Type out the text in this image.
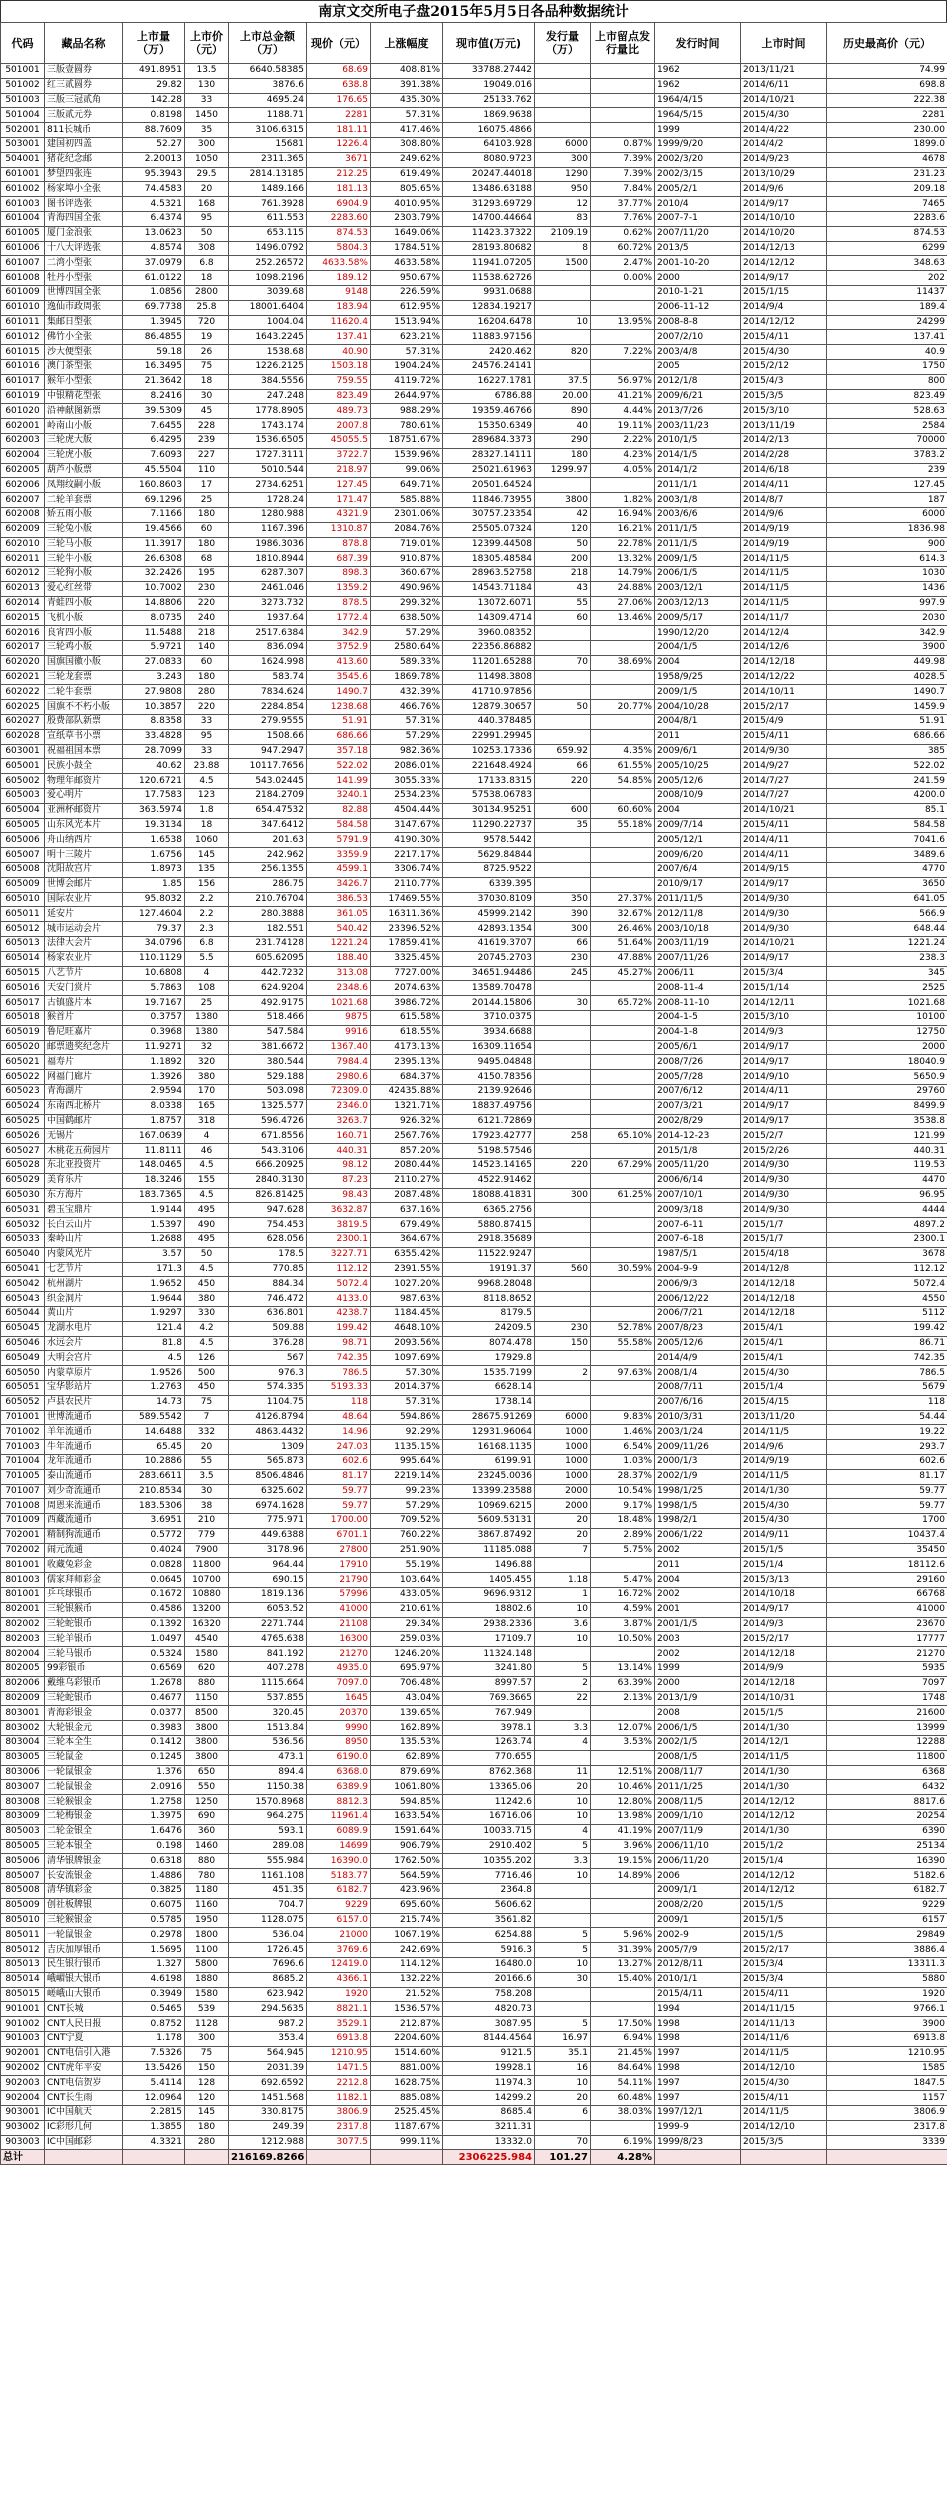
南京文交所电子盘2015年5月5日各品种数据统计
代码	藏品名称	上市量（万）	上市价（元）	上市总金额（万）	现价（元）	上涨幅度	现市值(万元)	发行量（万）	上市留点发行量比	发行时间	上市时间	历史最高价（元）
501001	三版壹圆券	491.8951	13.5	6640.58385	68.69	408.81%	33788.27442			1962	2013/11/21	74.99
501002	红三贰圆券	29.82	130	3876.6	638.8	391.38%	19049.016			1962	2014/6/11	698.8
501003	三版三冠贰角	142.28	33	4695.24	176.65	435.30%	25133.762			1964/4/15	2014/10/21	222.38
501004	三版贰元券	0.8198	1450	1188.71	2281	57.31%	1869.9638			1964/5/15	2015/4/30	2281
502001	811长城币	88.7609	35	3106.6315	181.11	417.46%	16075.4866			1999	2014/4/22	230.00
503001	建国初四盖	52.27	300	15681	1226.4	308.80%	64103.928	6000	0.87%	1999/9/20	2014/4/2	1899.0
504001	猪花纪念邮	2.20013	1050	2311.365	3671	249.62%	8080.9723	300	7.39%	2002/3/20	2014/9/23	4678
601001	梦望四张连	95.3943	29.5	2814.13185	212.25	619.49%	20247.44018	1290	7.39%	2002/3/15	2013/10/29	231.23
601002	杨家埠小全张	74.4583	20	1489.166	181.13	805.65%	13486.63188	950	7.84%	2005/2/1	2014/9/6	209.18
601003	图书评选张	4.5321	168	761.3928	6904.9	4010.95%	31293.69729	12	37.77%	2010/4	2014/9/17	7465
601004	青海四国全张	6.4374	95	611.553	2283.60	2303.79%	14700.44664	83	7.76%	2007-7-1	2014/10/10	2283.6
601005	厦门金浪张	13.0623	50	653.115	874.53	1649.06%	11423.37322	2109.19	0.62%	2007/11/20	2014/10/20	874.53
601006	十八大评选张	4.8574	308	1496.0792	5804.3	1784.51%	28193.80682	8	60.72%	2013/5	2014/12/13	6299
601007	二湾小型张	37.0979	6.8	252.26572	4633.58%	4633.58%	11941.07205	1500	2.47%	2001-10-20	2014/12/12	348.63
601008	牡丹小型张	61.0122	18	1098.2196	189.12	950.67%	11538.62726		0.00%	2000	2014/9/17	202
601009	世博四国全张	1.0856	2800	3039.68	9148	226.59%	9931.0688			2010-1-21	2015/1/15	11437
601010	逸仙市政周张	69.7738	25.8	18001.6404	183.94	612.95%	12834.19217			2006-11-12	2014/9/4	189.4
601011	集邮日型张	1.3945	720	1004.04	11620.4	1513.94%	16204.6478	10	13.95%	2008-8-8	2014/12/12	24299
601012	佛竹小全张	86.4855	19	1643.2245	137.41	623.21%	11883.97156			2007/2/10	2015/4/11	137.41
601015	沙大便型张	59.18	26	1538.68	40.90	57.31%	2420.462	820	7.22%	2003/4/8	2015/4/30	40.9
601016	澳门茶型张	16.3495	75	1226.2125	1503.18	1904.24%	24576.24141			2005	2015/2/12	1750
601017	猴年小型张	21.3642	18	384.5556	759.55	4119.72%	16227.1781	37.5	56.97%	2012/1/8	2015/4/3	800
601019	中银精花型张	8.2416	30	247.248	823.49	2644.97%	6786.88	20.00	41.21%	2009/6/21	2015/3/5	823.49
601020	沿神献图新票	39.5309	45	1778.8905	489.73	988.29%	19359.46766	890	4.44%	2013/7/26	2015/3/10	528.63
602001	岭南山小版	7.6455	228	1743.174	2007.8	780.61%	15350.6349	40	19.11%	2003/11/23	2013/11/19	2584
602003	三轮虎大版	6.4295	239	1536.6505	45055.5	18751.67%	289684.3373	290	2.22%	2010/1/5	2014/2/13	70000
602004	三轮虎小版	7.6093	227	1727.3111	3722.7	1539.96%	28327.14111	180	4.23%	2014/1/5	2014/2/28	3783.2
602005	葫芦小版票	45.5504	110	5010.544	218.97	99.06%	25021.61963	1299.97	4.05%	2014/1/2	2014/6/18	239
602006	凤翔纹嗣小版	160.8603	17	2734.6251	127.45	649.71%	20501.64524			2011/1/1	2014/4/11	127.45
602007	二轮羊套票	69.1296	25	1728.24	171.47	585.88%	11846.73955	3800	1.82%	2003/1/8	2014/8/7	187
602008	娇五雨小版	7.1166	180	1280.988	4321.9	2301.06%	30757.23354	42	16.94%	2003/6/6	2014/9/6	6000
602009	三轮兔小版	19.4566	60	1167.396	1310.87	2084.76%	25505.07324	120	16.21%	2011/1/5	2014/9/19	1836.98
602010	三轮马小版	11.3917	180	1986.3036	878.8	719.01%	12399.44508	50	22.78%	2011/1/5	2014/9/19	900
602011	三轮牛小版	26.6308	68	1810.8944	687.39	910.87%	18305.48584	200	13.32%	2009/1/5	2014/11/5	614.3
602012	三轮狗小版	32.2426	195	6287.307	898.3	360.67%	28963.52758	218	14.79%	2006/1/5	2014/11/5	1030
602013	爱心红丝带	10.7002	230	2461.046	1359.2	490.96%	14543.71184	43	24.88%	2003/12/1	2014/11/5	1436
602014	青蛙四小版	14.8806	220	3273.732	878.5	299.32%	13072.6071	55	27.06%	2003/12/13	2014/11/5	997.9
602015	飞机小版	8.0735	240	1937.64	1772.4	638.50%	14309.4714	60	13.46%	2009/5/17	2014/11/7	2030
602016	良宵四小版	11.5488	218	2517.6384	342.9	57.29%	3960.08352			1990/12/20	2014/12/4	342.9
602017	三轮鸡小版	5.9721	140	836.094	3752.9	2580.64%	22356.86882			2004/1/5	2014/12/6	3900
602020	国旗国徽小版	27.0833	60	1624.998	413.60	589.33%	11201.65288	70	38.69%	2004	2014/12/18	449.98
602021	三轮龙套票	3.243	180	583.74	3545.6	1869.78%	11498.3808			1958/9/25	2014/12/22	4028.5
602022	二轮牛套票	27.9808	280	7834.624	1490.7	432.39%	41710.97856			2009/1/5	2014/10/11	1490.7
602025	国旗不不朽小版	10.3857	220	2284.854	1238.68	466.76%	12879.30657	50	20.77%	2004/10/28	2015/2/17	1459.9
602027	殷费部队新票	8.8358	33	279.9555	51.91	57.31%	440.378485			2004/8/1	2015/4/9	51.91
602028	宣纸草书小票	33.4828	95	1508.66	686.66	57.29%	22991.29945			2011	2015/4/11	686.66
603001	祝福祖国本票	28.7099	33	947.2947	357.18	982.36%	10253.17336	659.92	4.35%	2009/6/1	2014/9/30	385
605001	民族小鼓全	40.62	23.88	10117.7656	522.02	2086.01%	221648.4924	66	61.55%	2005/10/25	2014/9/27	522.02
605002	物理年邮资片	120.6721	4.5	543.02445	141.99	3055.33%	17133.8315	220	54.85%	2005/12/6	2014/7/27	241.59
605003	爱心明片	17.7583	123	2184.2709	3240.1	2534.23%	57538.06783			2008/10/9	2014/7/27	4200.0
605004	亚洲杯邮资片	363.5974	1.8	654.47532	82.88	4504.44%	30134.95251	600	60.60%	2004	2014/10/21	85.1
605005	山东风光本片	19.3134	18	347.6412	584.58	3147.67%	11290.22737	35	55.18%	2009/7/14	2015/4/11	584.58
605006	舟山纳西片	1.6538	1060	201.63	5791.9	4190.30%	9578.5442			2005/12/1	2014/4/11	7041.6
605007	明十三陵片	1.6756	145	242.962	3359.9	2217.17%	5629.84844			2009/6/20	2014/4/11	3489.6
605008	沈阳故宫片	1.8973	135	256.1355	4599.1	3306.74%	8725.9522			2007/6/4	2014/9/15	4770
605009	世博会邮片	1.85	156	286.75	3426.7	2110.77%	6339.395			2010/9/17	2014/9/17	3650
605010	国际农业片	95.8032	2.2	210.76704	386.53	17469.55%	37030.8109	350	27.37%	2011/11/5	2014/9/30	641.05
605011	延安片	127.4604	2.2	280.3888	361.05	16311.36%	45999.2142	390	32.67%	2012/11/8	2014/9/30	566.9
605012	城市运动会片	79.37	2.3	182.551	540.42	23396.52%	42893.1354	300	26.46%	2003/10/18	2014/9/30	648.44
605013	法律大会片	34.0796	6.8	231.74128	1221.24	17859.41%	41619.3707	66	51.64%	2003/11/19	2014/10/21	1221.24
605014	杨家农业片	110.1129	5.5	605.62095	188.40	3325.45%	20745.2703	230	47.88%	2007/11/26	2014/9/17	238.3
605015	八艺节片	10.6808	4	442.7232	313.08	7727.00%	34651.94486	245	45.27%	2006/11	2015/3/4	345
605016	天安门赏片	5.7863	108	624.9204	2348.6	2074.63%	13589.70478			2008-11-4	2015/1/14	2525
605017	古镇盛片本	19.7167	25	492.9175	1021.68	3986.72%	20144.15806	30	65.72%	2008-11-10	2014/12/11	1021.68
605018	猴首片	0.3757	1380	518.466	9875	615.58%	3710.0375			2004-1-5	2015/3/10	10100
605019	鲁尼旺嘉片	0.3968	1380	547.584	9916	618.55%	3934.6688			2004-1-8	2014/9/3	12750
605020	邮票遗奖纪念片	11.9271	32	381.6672	1367.40	4173.13%	16309.11654			2005/6/1	2014/9/17	2000
605021	福寿片	1.1892	320	380.544	7984.4	2395.13%	9495.04848			2008/7/26	2014/9/17	18040.9
605022	网福门廊片	1.3926	380	529.188	2980.6	684.37%	4150.78356			2005/7/28	2014/9/10	5650.9
605023	青海湖片	2.9594	170	503.098	72309.0	42435.88%	2139.92646			2007/6/12	2014/4/11	29760
605024	东南西北桥片	8.0338	165	1325.577	2346.0	1321.71%	18837.49756			2007/3/21	2014/9/17	8499.9
605025	中国鹤邮片	1.8757	318	596.4726	3263.7	926.32%	6121.72869			2002/8/29	2014/9/17	3538.8
605026	无锡片	167.0639	4	671.8556	160.71	2567.76%	17923.42777	258	65.10%	2014-12-23	2015/2/7	121.99
605027	木桃花五荷园片	11.8111	46	543.3106	440.31	857.20%	5198.57546			2015/1/8	2015/2/26	440.31
605028	东北亚投资片	148.0465	4.5	666.20925	98.12	2080.44%	14523.14165	220	67.29%	2005/11/20	2014/9/30	119.53
605029	美育乐片	18.3246	155	2840.3130	87.23	2110.27%	4522.91462			2006/6/14	2014/9/30	4470
605030	东方海片	183.7365	4.5	826.81425	98.43	2087.48%	18088.41831	300	61.25%	2007/10/1	2014/9/30	96.95
605031	碧玉宝鼎片	1.9144	495	947.628	3632.87	637.16%	6365.2756			2009/3/18	2014/9/30	4444
605032	长白云山片	1.5397	490	754.453	3819.5	679.49%	5880.87415			2007-6-11	2015/1/7	4897.2
605033	秦岭山片	1.2688	495	628.056	2300.1	364.67%	2918.35689			2007-6-18	2015/1/7	2300.1
605040	内蒙风光片	3.57	50	178.5	3227.71	6355.42%	11522.9247			1987/5/1	2015/4/18	3678
605041	七艺节片	171.3	4.5	770.85	112.12	2391.55%	19191.37	560	30.59%	2004-9-9	2014/12/8	112.12
605042	杭州湖片	1.9652	450	884.34	5072.4	1027.20%	9968.28048			2006/9/3	2014/12/18	5072.4
605043	织金洞片	1.9644	380	746.472	4133.0	987.63%	8118.8652			2006/12/22	2014/12/18	4550
605044	黄山片	1.9297	330	636.801	4238.7	1184.45%	8179.5			2006/7/21	2014/12/18	5112
605045	龙湖水电片	121.4	4.2	509.88	199.42	4648.10%	24209.5	230	52.78%	2007/8/23	2015/4/1	199.42
605046	水远会片	81.8	4.5	376.28	98.71	2093.56%	8074.478	150	55.58%	2005/12/6	2015/4/1	86.71
605049	大明会宫片	4.5	126	567	742.35	1097.69%	17929.8			2014/4/9	2015/4/1	742.35
605050	内蒙草原片	1.9526	500	976.3	786.5	57.30%	1535.7199	2	97.63%	2008/1/4	2015/4/30	786.5
605051	宝华影站片	1.2763	450	574.335	5193.33	2014.37%	6628.14			2008/7/11	2015/1/4	5679
605052	卢县农民片	14.73	75	1104.75	118	57.31%	1738.14			2007/6/16	2015/4/15	118
701001	世博流通币	589.5542	7	4126.8794	48.64	594.86%	28675.91269	6000	9.83%	2010/3/31	2013/11/20	54.44
701002	羊年流通币	14.6488	332	4863.4432	14.96	92.29%	12931.96064	1000	1.46%	2003/1/24	2014/11/5	19.22
701003	牛年流通币	65.45	20	1309	247.03	1135.15%	16168.1135	1000	6.54%	2009/11/26	2014/9/6	293.7
701004	龙年流通币	10.2886	55	565.873	602.6	995.64%	6199.91	1000	1.03%	2000/1/3	2014/9/19	602.6
701005	泰山流通币	283.6611	3.5	8506.4846	81.17	2219.14%	23245.0036	1000	28.37%	2002/1/9	2014/11/5	81.17
701007	刘少奇流通币	210.8534	30	6325.602	59.77	99.23%	13399.23588	2000	10.54%	1998/1/25	2014/1/30	59.77
701008	周恩来流通币	183.5306	38	6974.1628	59.77	57.29%	10969.6215	2000	9.17%	1998/1/5	2015/4/30	59.77
701009	西藏流通币	3.6951	210	775.971	1700.00	709.52%	5609.53131	20	18.48%	1998/2/1	2015/4/30	1700
702001	精制狗流通币	0.5772	779	449.6388	6701.1	760.22%	3867.87492	20	2.89%	2006/1/22	2014/9/11	10437.4
702002	闹元流通	0.4024	7900	3178.96	27800	251.90%	11185.088	7	5.75%	2002	2015/1/5	35450
801001	收藏兔彩金	0.0828	11800	964.44	17910	55.19%	1496.88			2011	2015/1/4	18112.6
801003	儒家拜师彩金	0.0645	10700	690.15	21790	103.64%	1405.455	1.18	5.47%	2004	2015/3/13	29160
801001	乒乓球银币	0.1672	10880	1819.136	57996	433.05%	9696.9312	1	16.72%	2002	2014/10/18	66768
802001	三轮银猴币	0.4586	13200	6053.52	41000	210.61%	18802.6	10	4.59%	2001	2014/9/17	41000
802002	三轮蛇银币	0.1392	16320	2271.744	21108	29.34%	2938.2336	3.6	3.87%	2001/1/5	2014/9/3	23670
802003	三轮羊银币	1.0497	4540	4765.638	16300	259.03%	17109.7	10	10.50%	2003	2015/2/17	17777
802004	三轮马银币	0.5324	1580	841.192	21270	1246.20%	11324.148			2002	2014/12/18	21270
802005	99彩银币	0.6569	620	407.278	4935.0	695.97%	3241.80	5	13.14%	1999	2014/9/9	5935
802006	戴维乌彩银币	1.2678	880	1115.664	7097.0	706.48%	8997.57	2	63.39%	2000	2014/12/18	7097
802009	三轮蛇银币	0.4677	1150	537.855	1645	43.04%	769.3665	22	2.13%	2013/1/9	2014/10/31	1748
803001	青海彩银金	0.0377	8500	320.45	20370	139.65%	767.949			2008	2015/1/5	21600
803002	大轮银金元	0.3983	3800	1513.84	9990	162.89%	3978.1	3.3	12.07%	2006/1/5	2014/1/30	13999
803004	三轮本全生	0.1412	3800	536.56	8950	135.53%	1263.74	4	3.53%	2002/1/5	2014/12/1	12288
803005	三轮鼠金	0.1245	3800	473.1	6190.0	62.89%	770.655			2008/1/5	2014/11/5	11800
803006	一轮鼠银金	1.376	650	894.4	6368.0	879.69%	8762.368	11	12.51%	2008/11/7	2014/1/30	6368
803007	二轮鼠银金	2.0916	550	1150.38	6389.9	1061.80%	13365.06	20	10.46%	2011/1/25	2014/1/30	6432
803008	三轮猴银金	1.2758	1250	1570.8968	8812.3	594.85%	11242.6	10	12.80%	2008/11/5	2014/12/12	8817.6
803009	二轮梅银金	1.3975	690	964.275	11961.4	1633.54%	16716.06	10	13.98%	2009/1/10	2014/12/12	20254
805003	二轮金银全	1.6476	360	593.1	6089.9	1591.64%	10033.715	4	41.19%	2007/11/9	2014/1/30	6390
805005	三轮本银全	0.198	1460	289.08	14699	906.79%	2910.402	5	3.96%	2006/11/10	2015/1/2	25134
805006	清华银牌银金	0.6318	880	555.984	16390.0	1762.50%	10355.202	3.3	19.15%	2006/11/20	2015/1/4	16390
805007	长安流银金	1.4886	780	1161.108	5183.77	564.59%	7716.46	10	14.89%	2006	2014/12/12	5182.6
805008	清华镇彩金	0.3825	1180	451.35	6182.7	423.96%	2364.8			2009/1/1	2014/12/12	6182.7
805009	创社板牌银	0.6075	1160	704.7	9229	695.60%	5606.62			2008/2/20	2015/1/5	9229
805010	三轮猴银金	0.5785	1950	1128.075	6157.0	215.74%	3561.82			2009/1	2015/1/5	6157
805011	一轮鼠银金	0.2978	1800	536.04	21000	1067.19%	6254.88	5	5.96%	2002-9	2015/1/5	29849
805012	吉庆加厚银币	1.5695	1100	1726.45	3769.6	242.69%	5916.3	5	31.39%	2005/7/9	2015/2/17	3886.4
805013	民生银行银币	1.327	5800	7696.6	12419.0	114.12%	16480.0	10	13.27%	2012/8/11	2015/3/4	13311.3
805014	峨嵋银大银币	4.6198	1880	8685.2	4366.1	132.22%	20166.6	30	15.40%	2010/1/1	2015/3/4	5880
805015	嵯峨山大银币	0.3949	1580	623.942	1920	21.52%	758.208			2015/4/11	2015/4/11	1920
901001	CNT长城	0.5465	539	294.5635	8821.1	1536.57%	4820.73			1994	2014/11/15	9766.1
901002	CNT人民日报	0.8752	1128	987.2	3529.1	212.87%	3087.95	5	17.50%	1998	2014/11/13	3900
901003	CNT宁夏	1.178	300	353.4	6913.8	2204.60%	8144.4564	16.97	6.94%	1998	2014/11/6	6913.8
902001	CNT电信引入港	7.5326	75	564.945	1210.95	1514.60%	9121.5	35.1	21.45%	1997	2014/11/5	1210.95
902002	CNT虎年平安	13.5426	150	2031.39	1471.5	881.00%	19928.1	16	84.64%	1998	2014/12/10	1585
902003	CNT电信贺岁	5.4114	128	692.6592	2212.8	1628.75%	11974.3	10	54.11%	1997	2015/4/30	1847.5
902004	CNT长生雨	12.0964	120	1451.568	1182.1	885.08%	14299.2	20	60.48%	1997	2015/4/11	1157
903001	IC中国航天	2.2815	145	330.8175	3806.9	2525.45%	8685.4	6	38.03%	1997/12/1	2014/11/5	3806.9
903002	IC彩形几何	1.3855	180	249.39	2317.8	1187.67%	3211.31			1999-9	2014/12/10	2317.8
903003	IC中国邮彩	4.3321	280	1212.988	3077.5	999.11%	13332.0	70	6.19%	1999/8/23	2015/3/5	3339
总计				216169.8266			2306225.984	101.27	4.28%			
